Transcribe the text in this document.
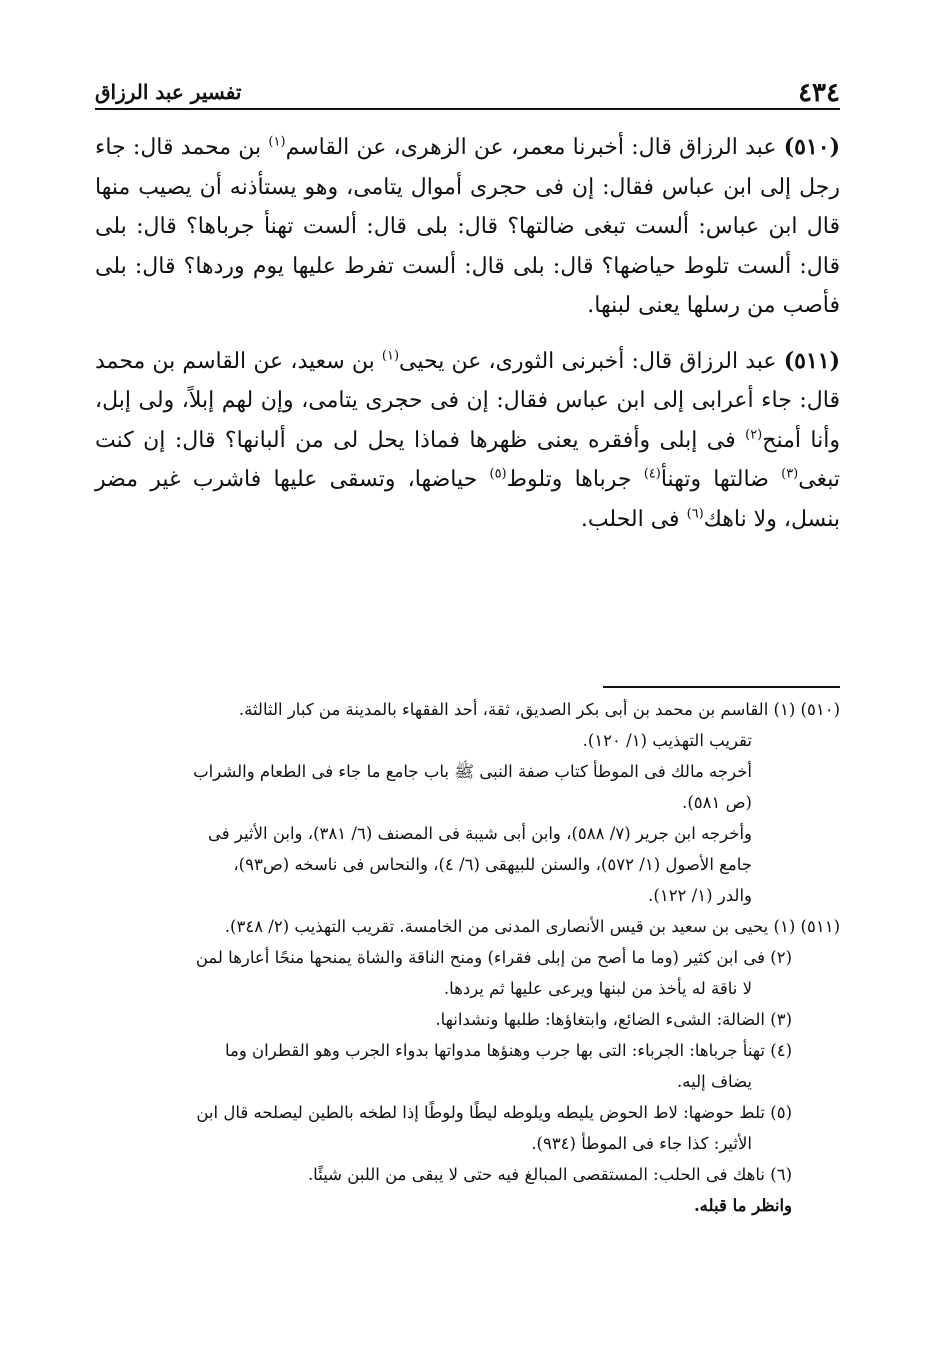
٤٣٤
تفسير عبد الرزاق

(٥١٠) عبد الرزاق قال: أخبرنا معمر، عن الزهرى، عن القاسم$^{(١)}$ بن محمد قال: جاء رجل إلى ابن عباس فقال: إن فى حجرى أموال يتامى، وهو يستأذنه أن يصيب منها قال ابن عباس: ألست تبغى ضالتها؟ قال: بلى قال: ألست تهنأ جرباها؟ قال: بلى قال: ألست تلوط حياضها؟ قال: بلى قال: ألست تفرط عليها يوم وردها؟ قال: بلى فأصب من رسلها يعنى لبنها.

(٥١١) عبد الرزاق قال: أخبرنى الثورى، عن يحيى$^{(١)}$ بن سعيد، عن القاسم بن محمد قال: جاء أعرابى إلى ابن عباس فقال: إن فى حجرى يتامى، وإن لهم إبلاً، ولى إبل، وأنا أمنح$^{(٢)}$ فى إبلى وأفقره يعنى ظهرها فماذا يحل لى من ألبانها؟ قال: إن كنت تبغى$^{(٣)}$ ضالتها وتهنأ$^{(٤)}$ جرباها وتلوط$^{(٥)}$ حياضها، وتسقى عليها فاشرب غير مضر بنسل، ولا ناهك$^{(٦)}$ فى الحلب.

(٥١٠) (١) القاسم بن محمد بن أبى بكر الصديق، ثقة، أحد الفقهاء بالمدينة من كبار الثالثة.

تقريب التهذيب (١/ ١٢٠).

أخرجه مالك فى الموطأ كتاب صفة النبى ﷺ باب جامع ما جاء فى الطعام والشراب

(ص ٥٨١).

وأخرجه ابن جرير (٧/ ٥٨٨)، وابن أبى شيبة فى المصنف (٦/ ٣٨١)، وابن الأثير فى

جامع الأصول (١/ ٥٧٢)، والسنن للبيهقى (٦/ ٤)، والنحاس فى ناسخه (ص٩٣)،

والدر (١/ ١٢٢).

(٥١١) (١) يحيى بن سعيد بن قيس الأنصارى المدنى من الخامسة. تقريب التهذيب (٢/ ٣٤٨).

(٢) فى ابن كثير (وما ما أصح من إبلى فقراء) ومنح الناقة والشاة يمنحها منحًا أعارها لمن

لا ناقة له يأخذ من لبنها ويرعى عليها ثم يردها.

(٣) الضالة: الشىء الضائع، وابتغاؤها: طلبها ونشدانها.

(٤) تهنأ جرباها: الجرباء: التى بها جرب وهنؤها مدواتها بدواء الجرب وهو القطران وما

يضاف إليه.

(٥) تلط حوضها: لاط الحوض يليطه ويلوطه ليطًا ولوطًا إذا لطخه بالطين ليصلحه قال ابن

الأثير: كذا جاء فى الموطأ (٩٣٤).

(٦) ناهك فى الحلب: المستقصى المبالغ فيه حتى لا يبقى من اللبن شيئًا.

وانظر ما قبله.
